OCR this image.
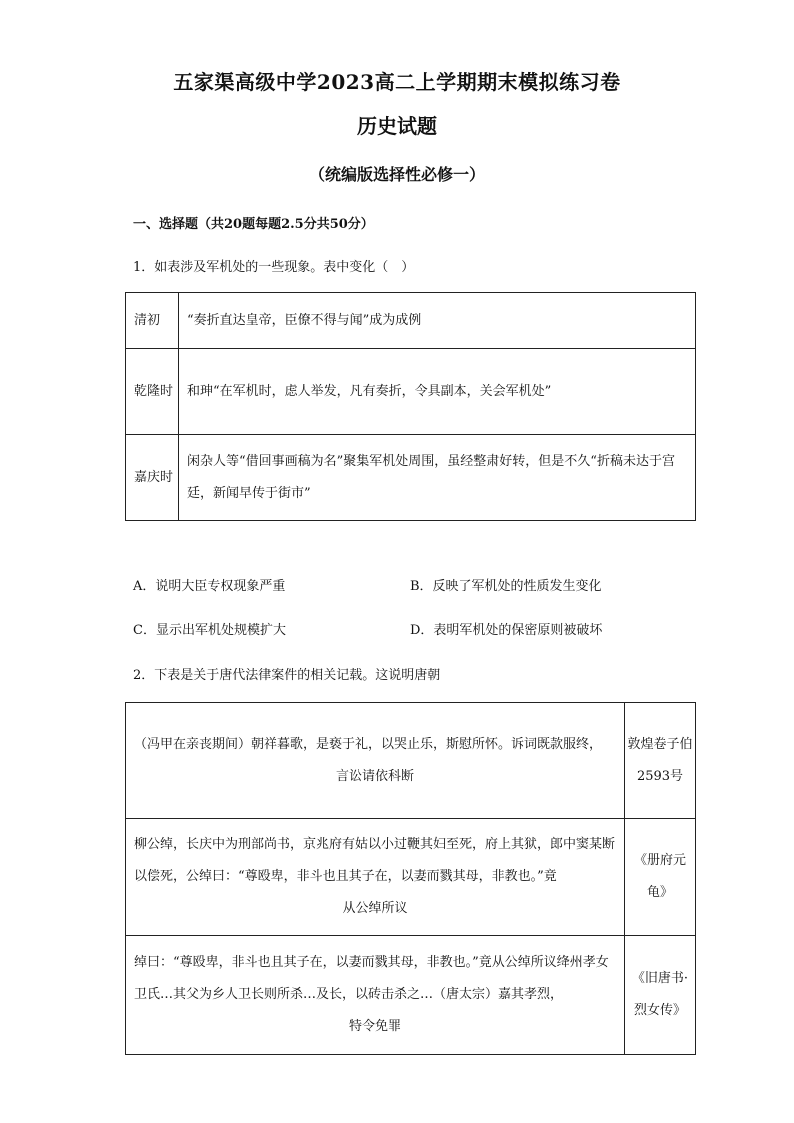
五家渠高级中学2023高二上学期期末模拟练习卷
历史试题
（统编版选择性必修一）
一、选择题（共20题每题2.5分共50分）
1．如表涉及军机处的一些现象。表中变化（　）
清初	“奏折直达皇帝，臣僚不得与闻”成为成例
乾隆时	和珅“在军机时，虑人举发，凡有奏折，令具副本，关会军机处”
嘉庆时	闲杂人等“借回事画稿为名”聚集军机处周围，虽经整肃好转，但是不久“折稿未达于宫廷，新闻早传于街市”
A．说明大臣专权现象严重	B．反映了军机处的性质发生变化
C．显示出军机处规模扩大	D．表明军机处的保密原则被破坏
2．下表是关于唐代法律案件的相关记载。这说明唐朝
（冯甲在亲丧期间）朝祥暮歌，是亵于礼，以哭止乐，斯慰所怀。诉词既款服终，
言讼请依科断	敦煌卷子伯2593号
柳公绰，长庆中为刑部尚书，京兆府有姑以小过鞭其妇至死，府上其狱，郎中窦某断以偿死，公绰曰：“尊殴卑，非斗也且其子在，以妻而戮其母，非教也。”竟
从公绰所议	《册府元龟》
绰曰：“尊殴卑，非斗也且其子在，以妻而戮其母，非教也。”竟从公绰所议绛州孝女卫氏…其父为乡人卫长则所杀…及长，以砖击杀之…（唐太宗）嘉其孝烈，
特令免罪	《旧唐书·烈女传》
